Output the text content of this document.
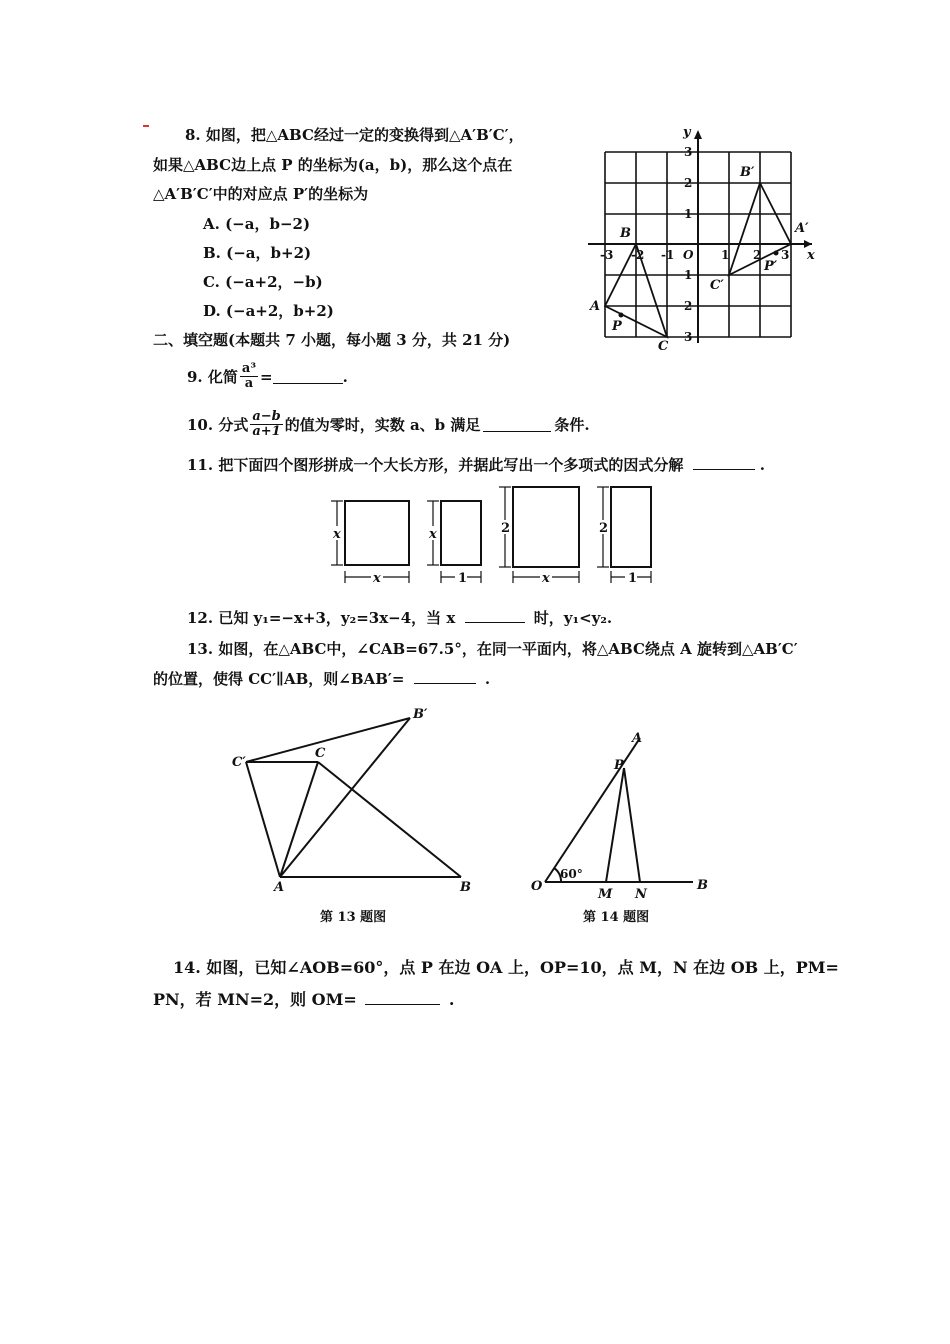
8. 如图，把△ABC经过一定的变换得到△A′B′C′，
如果△ABC边上点 P 的坐标为(a，b)，那么这个点在
△A′B′C′中的对应点 P′的坐标为
A. (−a，b−2)
B. (−a，b+2)
C. (−a+2，−b)
D. (−a+2，b+2)
x
y
-3 -2 -1 O 1 2 3
1
2
3
1
2
3
A
B
C
P
A′
B′
C′
P′
二、填空题(本题共 7 小题，每小题 3 分，共 21 分)
9. 化简 $\frac{\text{a³}}{a}$ =	.
10. 分式 $\frac{a-b}{a+1}$ 的值为零时，实数 a、b 满足	条件.
11. 把下面四个图形拼成一个大长方形，并据此写出一个多项式的因式分解	.
x	x	2	2
x	1	x	1
12. 已知 y₁=−x+3，y₂=3x−4，当 x	时，y₁<y₂.
13. 如图，在△ABC中，∠CAB=67.5°，在同一平面内，将△ABC绕点 A 旋转到△AB′C′
的位置，使得 CC′∥AB，则∠BAB′=	.
A	B
C
B′
C′
第 13 题图
A
O
P
M N
B
60°
第 14 题图
14. 如图，已知∠AOB=60°，点 P 在边 OA 上，OP=10，点 M，N 在边 OB 上，PM=
PN，若 MN=2，则 OM=	.
